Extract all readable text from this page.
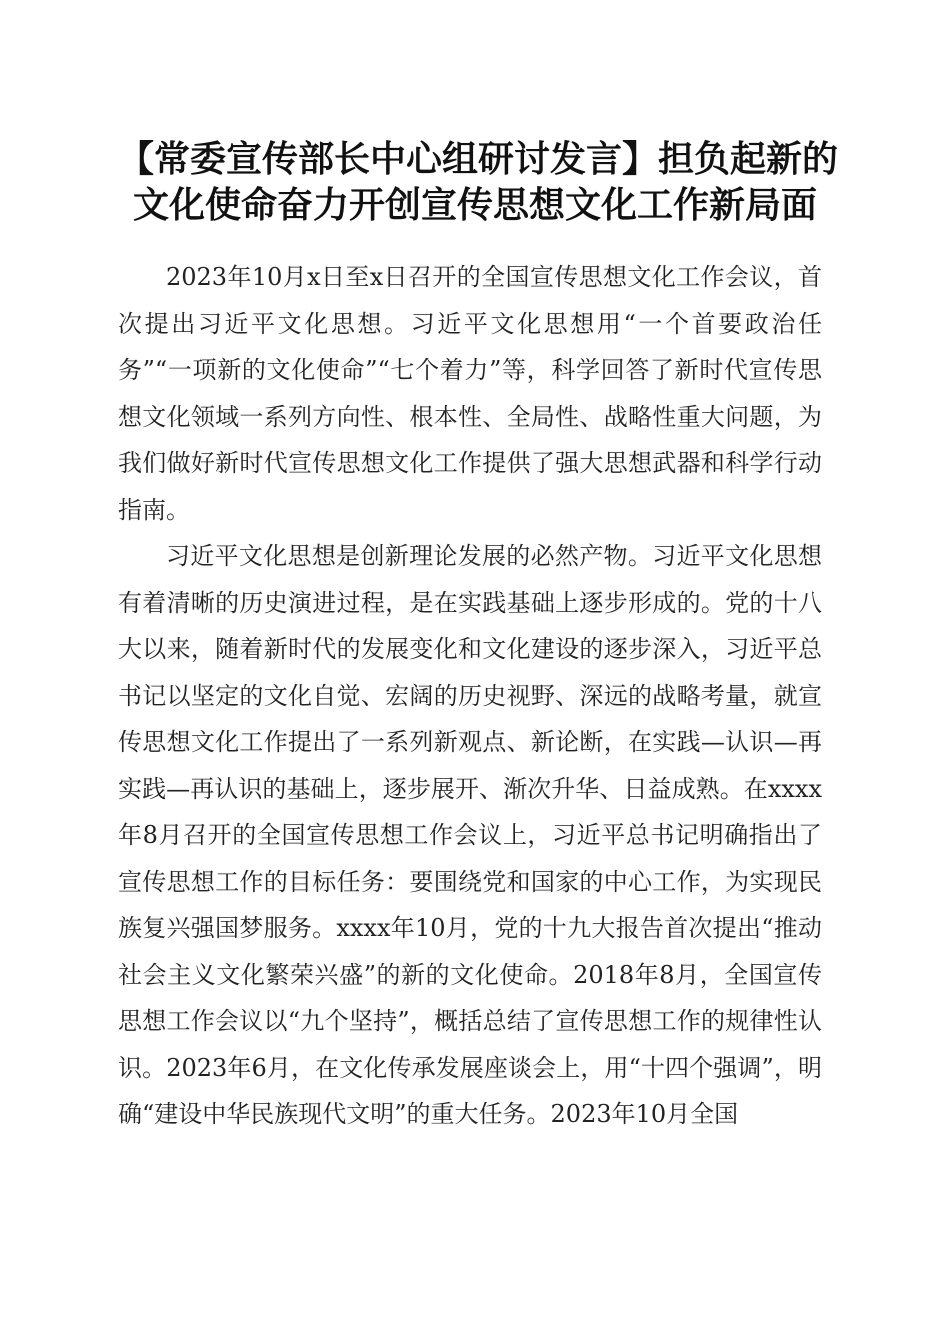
【常委宣传部长中心组研讨发言】担负起新的
文化使命奋力开创宣传思想文化工作新局面

2023年10月x日至x日召开的全国宣传思想文化工作会议，首次提出习近平文化思想。习近平文化思想用“一个首要政治任务”“一项新的文化使命”“七个着力”等，科学回答了新时代宣传思想文化领域一系列方向性、根本性、全局性、战略性重大问题，为我们做好新时代宣传思想文化工作提供了强大思想武器和科学行动指南。

习近平文化思想是创新理论发展的必然产物。习近平文化思想有着清晰的历史演进过程，是在实践基础上逐步形成的。党的十八大以来，随着新时代的发展变化和文化建设的逐步深入，习近平总书记以坚定的文化自觉、宏阔的历史视野、深远的战略考量，就宣传思想文化工作提出了一系列新观点、新论断，在实践—认识—再实践—再认识的基础上，逐步展开、渐次升华、日益成熟。在xxxx年8月召开的全国宣传思想工作会议上，习近平总书记明确指出了宣传思想工作的目标任务：要围绕党和国家的中心工作，为实现民族复兴强国梦服务。xxxx年10月，党的十九大报告首次提出“推动社会主义文化繁荣兴盛”的新的文化使命。2018年8月，全国宣传思想工作会议以“九个坚持”，概括总结了宣传思想工作的规律性认识。2023年6月，在文化传承发展座谈会上，用“十四个强调”，明确“建设中华民族现代文明”的重大任务。2023年10月全国
